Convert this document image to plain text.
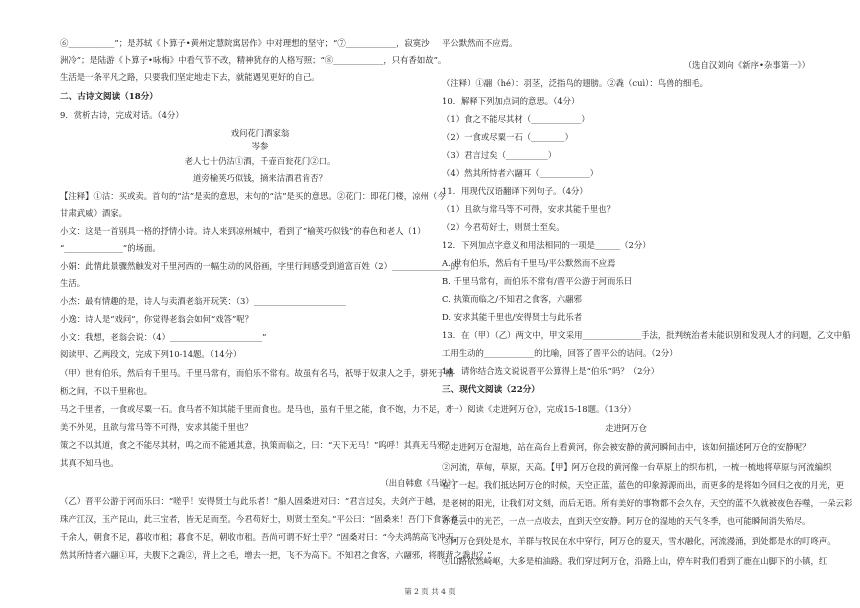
⑥___________”；是苏轼《卜算子•黄州定慧院寓居作》中对理想的坚守；“⑦____________，寂寞沙
洲冷”；是陆游《卜算子•咏梅》中看气节不改，精神犹存的人格写照；“⑧____________，只有香如故”。
生活是一条平凡之路，只要我们坚定地走下去，就能遇见更好的自己。
二、古诗文阅读（18分）
9．赏析古诗，完成对话。（4分）
戏问花门酒家翁
岑参
老人七十仍沽①酒，千壶百瓮花门②口。
道旁榆荚巧似钱，摘来沽酒君肯否？
【注释】①沽：买或卖。首句的“沽”是卖的意思，末句的“沽”是买的意思。②花门：即花门楼，凉州（今
甘肃武威）酒家。
小文：这是一首别具一格的抒情小诗。诗人来到凉州城中，看到了“榆荚巧似钱”的春色和老人（1）
“______________”的场面。
小娟：此情此景骤然触发对千里河西的一幅生动的风俗画，字里行间感受到道富百姓（2）______________的
生活。
小杰：最有情趣的是，诗人与卖酒老翁开玩笑：（3）______________________
小逸：诗人是“戏问”，你觉得老翁会如何“戏答”呢？
小文：我想，老翁会说：（4）______________________”
阅读甲、乙两段文，完成下列10-14题。（14分）
（甲）世有伯乐，然后有千里马。千里马常有，而伯乐不常有。故虽有名马，祇辱于奴隶人之手，骈死于槽
枥之间，不以千里称也。
马之千里者，一食或尽粟一石。食马者不知其能千里而食也。是马也，虽有千里之能，食不饱，力不足，才
美不外见，且欲与常马等不可得，安求其能千里也？
策之不以其道，食之不能尽其材，鸣之而不能通其意，执策而临之，曰：“天下无马！”呜呼！其真无马邪？
其真不知马也。
（出自韩愈《马说》）
（乙）晋平公游于河而乐曰：“嗟乎！安得贤士与此乐者！”船人固桑进对曰：“君言过矣，夫剑产于越，
珠产江汉，玉产昆山，此三宝者，皆无足而至。今君苟好士，则贤士至矣。”平公曰：“固桑来！吾门下食客者三
千余人，朝食不足，暮收市租；暮食不足，朝收市租。吾尚可谓不好士乎？”固桑对曰：“今夫鸿鹄高飞冲天，
然其所恃者六翮①耳，夫腹下之毳②，背上之毛，增去一把，飞不为高下。不知君之食客，六翮邪，将腹背之毳也？”
平公默然而不应焉。
（选自汉刘向《新序•杂事第一》）
（注释）①翮（hé）：羽茎，泛指鸟的翅膀。②毳（cuì）：鸟兽的细毛。
10．解释下列加点词的意思。（4分）
（1）食之不能尽其材（____________）
（2）一食或尽粟一石（________）
（3）君言过矣（__________）
（4）然其所恃者六翮耳（____________）
11．用现代汉语翻译下列句子。（4分）
（1）且欲与常马等不可得，安求其能千里也？
（2）今君苟好士，则贤士至矣。
12．下列加点字意义和用法相同的一项是______（2分）
A. 世有伯乐，然后有千里马/平公默然而不应焉
B. 千里马常有，而伯乐不常有/晋平公游于河而乐曰
C. 执策而临之/不知君之食客，六翮邪
D. 安求其能千里也/安得贤士与此乐者
13．在（甲）（乙）两文中，甲文采用______________手法，批判统治者未能识别和发现人才的问题，乙文中船
工用生动的____________的比喻，回答了晋平公的诘问。（2分）
14．请你结合选文说说晋平公算得上是“伯乐”吗？（2分）
三、现代文阅读（22分）
（一）阅读《走进阿万仓》，完成15-18题。（13分）
走进阿万仓
①走进阿万仓湿地，站在高台上看黄河，你会被安静的黄河瞬间击中，该如何描述阿万仓的安静呢？
②河流，草甸，草原，天高。【甲】阿万仓段的黄河像一台草原上的织布机，一梳一梳地将草原与河流编织
在了一起。我们抵达阿万仓的时候，天空正蓝，蓝色的印象源源而出，而更多的是将如今回归之夜的月光，更
是老树的阳光，让我们对文刻，而后无语。所有美好的事物都不会久存，天空的蓝不久就被夜色吞噬，一朵云彩
亦是云中的光芒，一点一点收去，直到天空安静。阿万仓的湿地的天气冬季，也可能瞬间消失殆尽。
③阿万仓到处是水，羊群与牧民在水中穿行，阿万仓的夏天，雪水融化，河流漫涌，到处都是水的叮咚声。
④山路依然崎岖，大多是柏油路。我们穿过阿万仓，沿路上山，停车时我们看到了鹿在山脚下的小镇，红
第 2 页 共 4 页
